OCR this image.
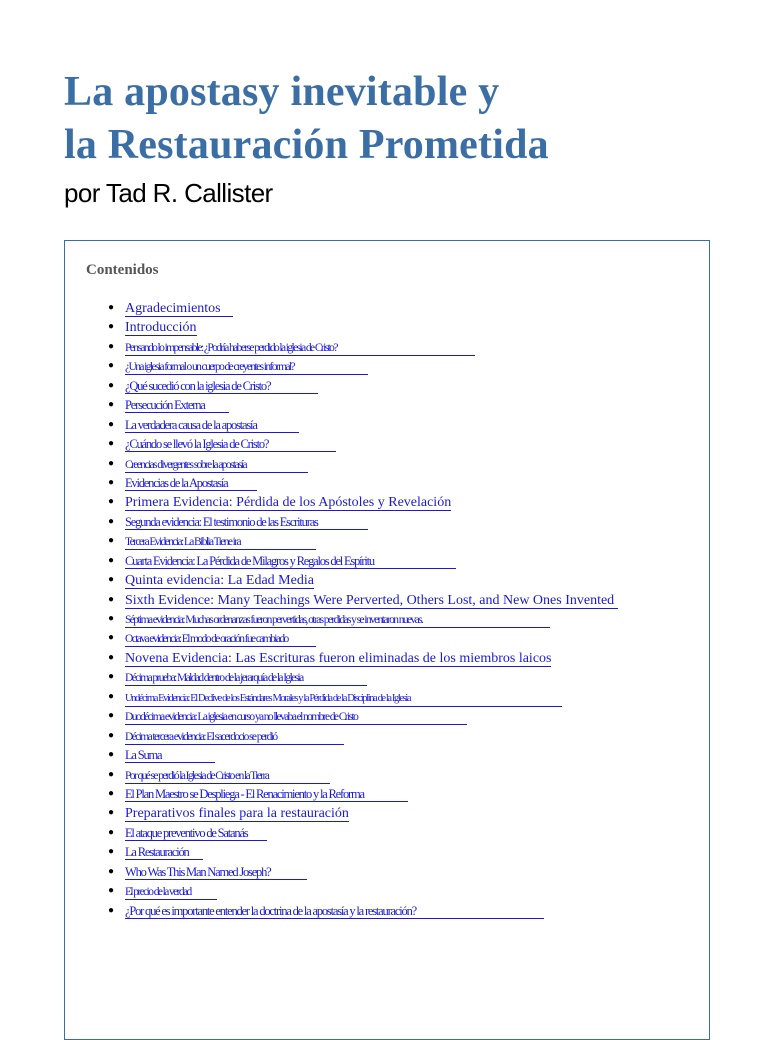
La apostasy inevitable y
la Restauración Prometida

por Tad R. Callister

Contenidos
● Agradecimientos
● Introducción
● Pensando lo impensable: ¿Podría haberse perdido la iglesia de Cristo?
● ¿Una iglesia formal o un cuerpo de creyentes informal?
● ¿Qué sucedió con la iglesia de Cristo?
● Persecución Externa
● La verdadera causa de la apostasía
● ¿Cuándo se llevó la Iglesia de Cristo?
● Creencias divergentes sobre la apostasía
● Evidencias de la Apostasía
● Primera Evidencia: Pérdida de los Apóstoles y Revelación
● Segunda evidencia: El testimonio de las Escrituras
● Tercera Evidencia: La Biblia Tiene ira
● Cuarta Evidencia: La Pérdida de Milagros y Regalos del Espíritu
● Quinta evidencia: La Edad Media
● Sixth Evidence: Many Teachings Were Perverted, Others Lost, and New Ones Invented
● Séptima evidencia: Muchas ordenanzas fueron pervertidas, otras perdidas y se inventaron nuevas.
● Octava evidencia: El modo de oración fue cambiado
● Novena Evidencia: Las Escrituras fueron eliminadas de los miembros laicos
● Décima prueba: Maldad dentro de la jerarquía de la Iglesia
● Undécima Evidencia: El Declive de los Estándares Morales y la Pérdida de la Disciplina de la Iglesia
● Duodécima evidencia: La iglesia en curso ya no llevaba el nombre de Cristo
● Décima tercera evidencia: El sacerdocio se perdió
● La Suma
● Por qué se perdió la Iglesia de Cristo en la Tierra
● El Plan Maestro se Despliega - El Renacimiento y la Reforma
● Preparativos finales para la restauración
● El ataque preventivo de Satanás
● La Restauración
● Who Was This Man Named Joseph?
● El precio de la verdad
● ¿Por qué es importante entender la doctrina de la apostasía y la restauración?
